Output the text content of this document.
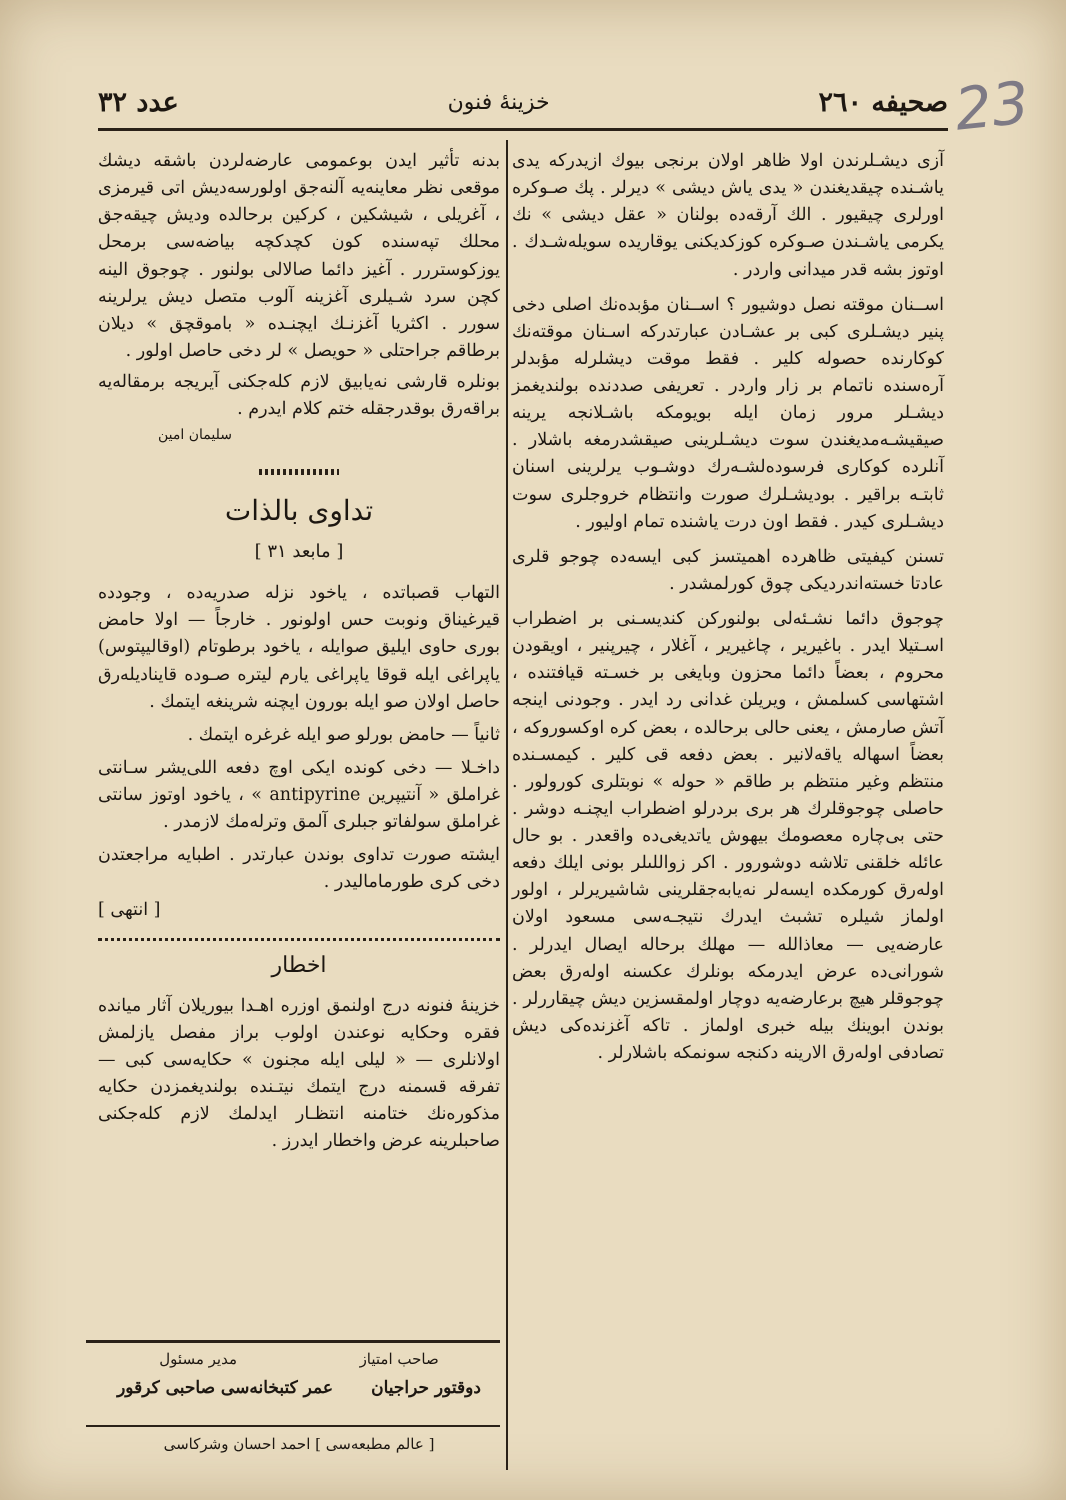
23
صحيفه ٢٦٠
خزينۀ فنون
عدد ٣٢

آزى ديشـلرندن اولا ظاهر اولان برنجى بيوك ازيدركه يدى ياشـنده چيقديغندن « يدى ياش ديشى » ديرلر . پك صـوكره اورلرى چيقيور . الك آرقه‌ده بولنان « عقل ديشى » نك يكرمى ياشـندن صـوكره كوزكديكنى يوقاريده سويله‌شـدك . اوتوز بشه قدر ميدانى واردر .

اســنان موقته نصل دوشيور ؟ اســنان مؤبده‌نك اصلى دخى پنير ديشـلرى كبى بر عشـادن عبارتدركه اسـنان موقته‌نك كوكارنده حصوله كلير . فقط موقت ديشلرله مؤبدلر آره‌سنده ناتمام بر زار واردر . تعريفى صددنده بولنديغمز ديشـلر مرور زمان ايله بويومكه باشـلانجه يرينه صيقيشـه‌مديغندن سوت ديشـلرينى صيقشدرمغه باشلار . آنلرده كوكارى فرسوده‌لشـه‌رك دوشـوب يرلرينى اسنان ثابتـه براقير . بوديشـلرك صورت وانتظام خروجلرى سوت ديشـلرى كيدر . فقط اون درت ياشنده تمام اوليور .

تسنن كيفيتى ظاهرده اهميتسز كبى ايسه‌ده چوجو قلرى عادتا خسته‌اندرديكى چوق كورلمشدر .

چوجوق دائما نشـئه‌لى بولنوركن كنديسـنى بر اضطراب اسـتيلا ايدر . باغيرير ، چاغيرير ، آغلار ، چيرپنير ، اويقودن محروم ، بعضاً دائما محزون وبايغى بر خسـته قيافتنده ، اشتهاسى كسلمش ، ويريلن غدانى رد ايدر . وجودنى اينجه آتش صارمش ، يعنى حالى برحالده ، بعض كره اوكسوروكه ، بعضاً اسهاله ياقه‌لانير . بعض دفعه قى كلير . كيمسـنده منتظم وغير منتظم بر طاقم « حوله » نوبتلرى كورولور . حاصلى چوجوقلرك هر برى بردرلو اضطراب ايچنـه دوشر . حتى بى‌چاره معصومك بيهوش ياتديغى‌ده واقعدر . بو حال عائله خلقنى تلاشه دوشورور . اكر زواللىلر بونى ايلك دفعه اوله‌رق كورمكده ايسه‌لر نه‌يابه‌جقلرينى شاشيريرلر ، اولور اولماز شيلره تشبث ايدرك نتيجـه‌سى مسعود اولان عارضه‌يى — معاذالله — مهلك برحاله ايصال ايدرلر . شورانى‌ده عرض ايدرمكه بونلرك عكسنه اوله‌رق بعض چوجوقلر هيچ برعارضه‌يه دوچار اولمقسزين ديش چيقاررلر . بوندن ابوينك بيله خبرى اولماز . تاكه آغزنده‌كى ديش تصادفى اوله‌رق الارينه دكنجه سونمكه باشلارلر .

بدنه تأثير ايدن بوعمومى عارضه‌لردن باشقه ديشك موقعى نظر معاينه‌يه آلنه‌جق اولورسه‌ديش اتى قيرمزى ، آغريلى ، شيشكين ، كركين برحالده وديش چيقه‌جق محلك تپه‌سنده كون كچدكچه بياضه‌سى برمحل يوزكوستررر . آغيز دائما صالالى بولنور . چوجوق الينه كچن سرد شـيلرى آغزينه آلوب متصل ديش يرلرينه سورر . اكثريا آغزنـك ايچنـده « باموقچق » ديلان برطاقم جراحتلى « حويصل » لر دخى حاصل اولور .

بونلره قارشى نه‌يابيق لازم كله‌جكنى آيريجه برمقاله‌يه براقه‌رق بوقدرجقله ختم كلام ايدرم .

سليمان امين
تداوى بالذات
[ مابعد ٣١ ]

التهاب قصباتده ، ياخود نزله صدريه‌ده ، وجودده قيرغيناق ونوبت حس اولونور . خارجاً — اولا حامض بورى حاوى ايليق صوايله ، ياخود برطوتام (اوقاليپتوس) ياپراغى ايله قوقا ياپراغى يارم ليتره صـوده قايناديله‌رق حاصل اولان صو ايله بورون ايچنه شرينغه ايتمك .

ثانياً — حامض بورلو صو ايله غرغره ايتمك .

داخـلا — دخى كونده ايكى اوچ دفعه اللى‌يشر سـانتى غراملق « آنتيپرين antipyrine » ، ياخود اوتوز سانتى غراملق سولفاتو جبلرى آلمق وترله‌مك لازمدر .

ايشته صورت تداوى بوندن عبارتدر . اطبايه مراجعتدن دخى كرى طورماماليدر .

[ انتهى ]
اخطار

خزينۀ فنونه درج اولنمق اوزره اهـدا بيوريلان آثار ميانده فقره وحكايه نوعندن اولوب براز مفصل يازلمش اولانلرى — « ليلى ايله مجنون » حكايه‌سى كبى — تفرقه قسمنه درج ايتمك نيتـنده بولنديغمزدن حكايه مذكوره‌نك ختامنه انتظـار ايدلمك لازم كله‌جكنى صاحبلرينه عرض واخطار ايدرز .

صاحب امتياز
مدير مسئول
دوقتور حراجيان
عمر كتبخانه‌سى صاحبى كرقور
[ عالم مطبعه‌سى ] احمد احسان وشركاسى
